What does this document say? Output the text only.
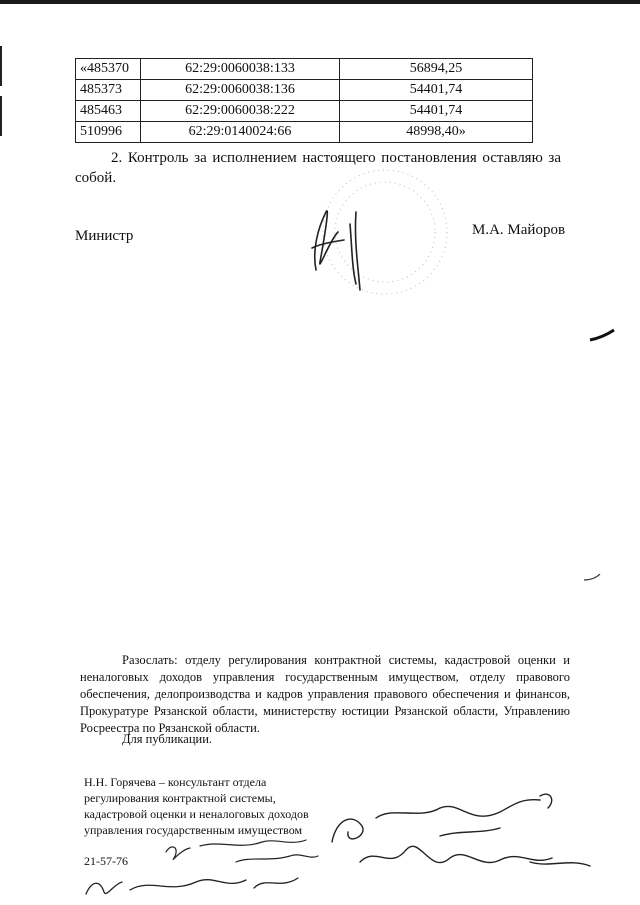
«485370	62:29:0060038:133	56894,25
485373	62:29:0060038:136	54401,74
485463	62:29:0060038:222	54401,74
510996	62:29:0140024:66	48998,40»
2. Контроль за исполнением настоящего постановления оставляю за собой.
Министр	М.А. Майоров
Разослать: отделу регулирования контрактной системы, кадастровой оценки и неналоговых доходов управления государственным имуществом, отделу правового обеспечения, делопроизводства и кадров управления правового обеспечения и финансов, Прокуратуре Рязанской области, министерству юстиции Рязанской области, Управлению Росреестра по Рязанской области.
Для публикации.
Н.Н. Горячева – консультант отдела регулирования контрактной системы, кадастровой оценки и неналоговых доходов управления государственным имуществом
21-57-76
